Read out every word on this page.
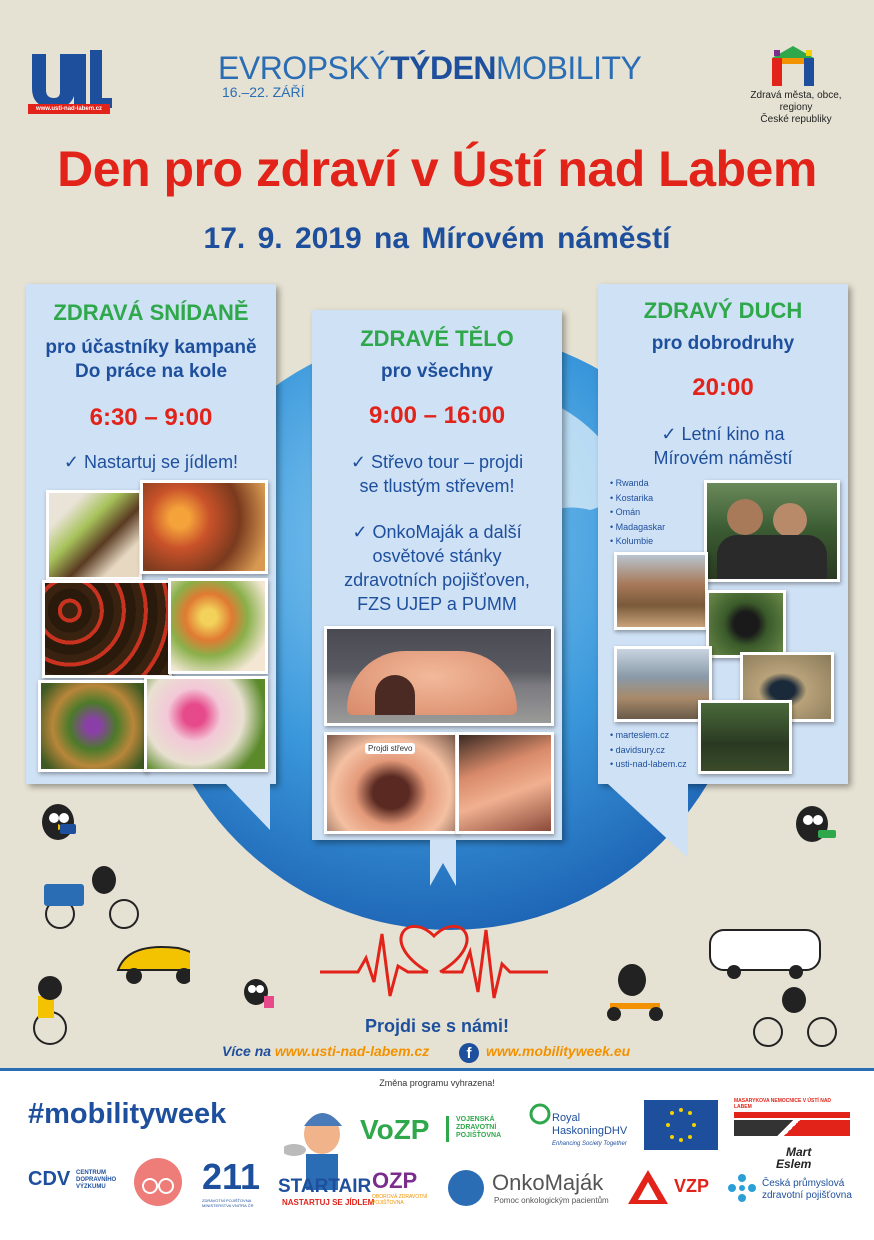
www.usti-nad-labem.cz
EVROPSKÝTÝDENMOBILITY
16.–22. ZÁŘÍ	Zdravá města, obce, regiony
České republiky
Den pro zdraví v Ústí nad Labem
17. 9. 2019 na Mírovém náměstí
ZDRAVÁ SNÍDANĚ
pro účastníky kampaně
Do práce na kole
6:30 – 9:00
✓ Nastartuj se jídlem!
ZDRAVÉ TĚLO
pro všechny
9:00 – 16:00
✓ Střevo tour – projdi
se tlustým střevem!
✓ OnkoMaják a další
osvětové stánky
zdravotních pojišťoven,
FZS UJEP a PUMM
Projdi střevo
ZDRAVÝ DUCH
pro dobrodruhy
20:00
✓ Letní kino na
Mírovém náměstí
• Rwanda
• Kostarika
• Omán
• Madagaskar
• Kolumbie
• marteslem.cz
• davidsury.cz
• usti-nad-labem.cz
Projdi se s námi!
Více na www.usti-nad-labem.cz	f	www.mobilityweek.eu
Změna programu vyhrazena!
#mobilityweek	VoZP	VOJENSKÁ
ZDRAVOTNÍ
POJIŠŤOVNA
Royal
HaskoningDHV
Enhancing Society Together
MASARYKOVA NEMOCNICE V ÚSTÍ NAD LABEM
Mart
Eslem
CDV CENTRUM
DOPRAVNÍHO
VÝZKUMU	211
ZDRAVOTNÍ POJIŠŤOVNA MINISTERSTVA VNITRA ČR
STARTAIR
NASTARTUJ SE JÍDLEM
OZP
OBOROVÁ ZDRAVOTNÍ
POJIŠŤOVNA
OnkoMaják
Pomoc onkologickým pacientům
VZP	Česká průmyslová
zdravotní pojišťovna
